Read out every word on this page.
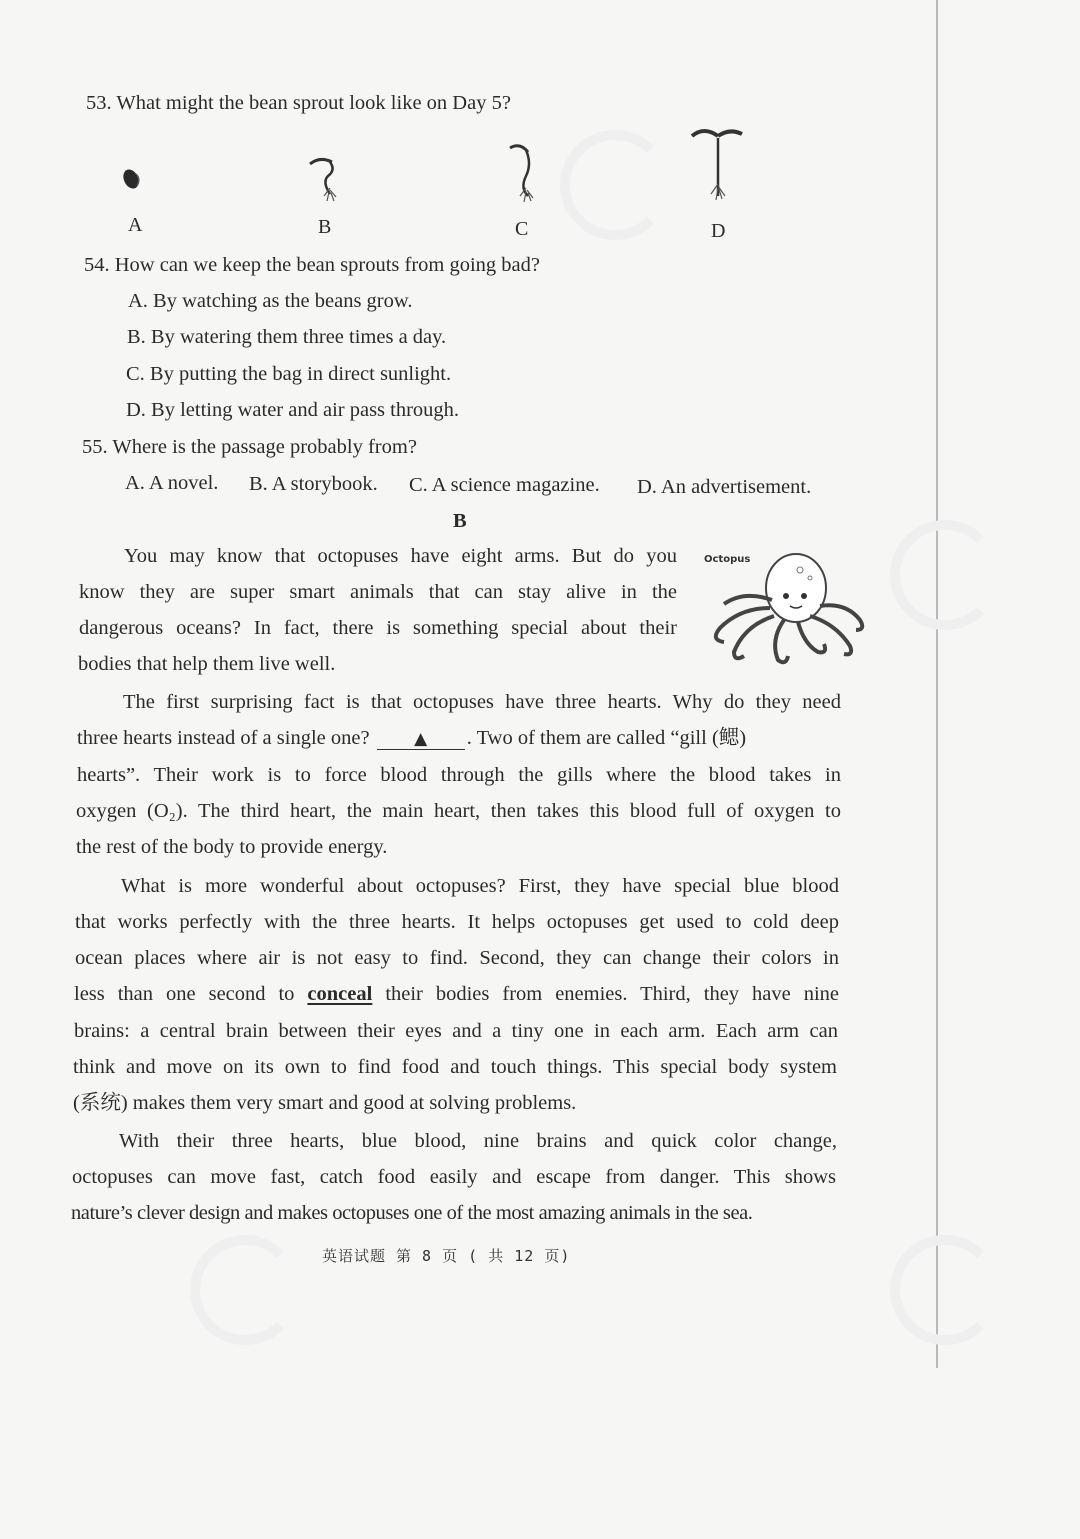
53. What might the bean sprout look like on Day 5?
A	B	C	D
54. How can we keep the bean sprouts from going bad?
A. By watching as the beans grow.
B. By watering them three times a day.
C. By putting the bag in direct sunlight.
D. By letting water and air pass through.
55. Where is the passage probably from?
A. A novel. B. A storybook. C. A science magazine. D. An advertisement.
B
You may know that octopuses have eight arms. But do you
know they are super smart animals that can stay alive in the
dangerous oceans? In fact, there is something special about their
bodies that help them live well.
Octopus
The first surprising fact is that octopuses have three hearts. Why do they need
three hearts instead of a single one?	▲ . Two of them are called “gill (鳃)
hearts”. Their work is to force blood through the gills where the blood takes in
oxygen (O₂). The third heart, the main heart, then takes this blood full of oxygen to
the rest of the body to provide energy.
What is more wonderful about octopuses? First, they have special blue blood
that works perfectly with the three hearts. It helps octopuses get used to cold deep
ocean places where air is not easy to find. Second, they can change their colors in
less than one second to conceal their bodies from enemies. Third, they have nine
brains: a central brain between their eyes and a tiny one in each arm. Each arm can
think and move on its own to find food and touch things. This special body system
(系统) makes them very smart and good at solving problems.
With their three hearts, blue blood, nine brains and quick color change,
octopuses can move fast, catch food easily and escape from danger. This shows
nature’s clever design and makes octopuses one of the most amazing animals in the sea.
英语试题 第 8 页 ( 共 12 页)
